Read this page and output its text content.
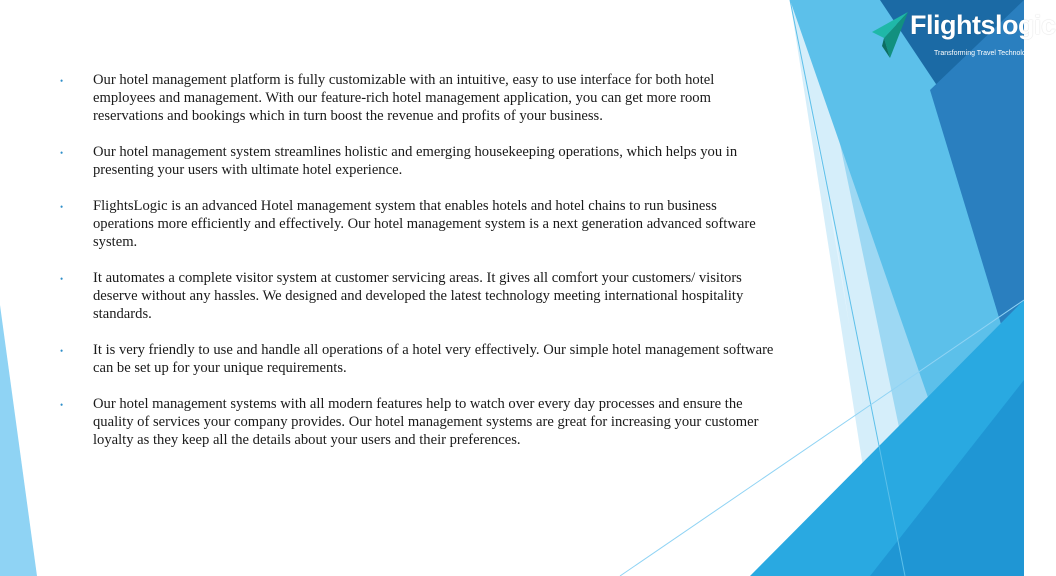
Flightslogic
Transforming Travel Technology
• Our hotel management platform is fully customizable with an intuitive, easy to use interface for both hotel employees and management. With our feature-rich hotel management application, you can get more room reservations and bookings which in turn boost the revenue and profits of your business.
• Our hotel management system streamlines holistic and emerging housekeeping operations, which helps you in presenting your users with ultimate hotel experience.
• FlightsLogic is an advanced Hotel management system that enables hotels and hotel chains to run business operations more efficiently and effectively. Our hotel management system is a next generation advanced software system.
• It automates a complete visitor system at customer servicing areas. It gives all comfort your customers/ visitors deserve without any hassles. We designed and developed the latest technology meeting international hospitality standards.
• It is very friendly to use and handle all operations of a hotel very effectively. Our simple hotel management software can be set up for your unique requirements.
• Our hotel management systems with all modern features help to watch over every day processes and ensure the quality of services your company provides. Our hotel management systems are great for increasing your customer loyalty as they keep all the details about your users and their preferences.
